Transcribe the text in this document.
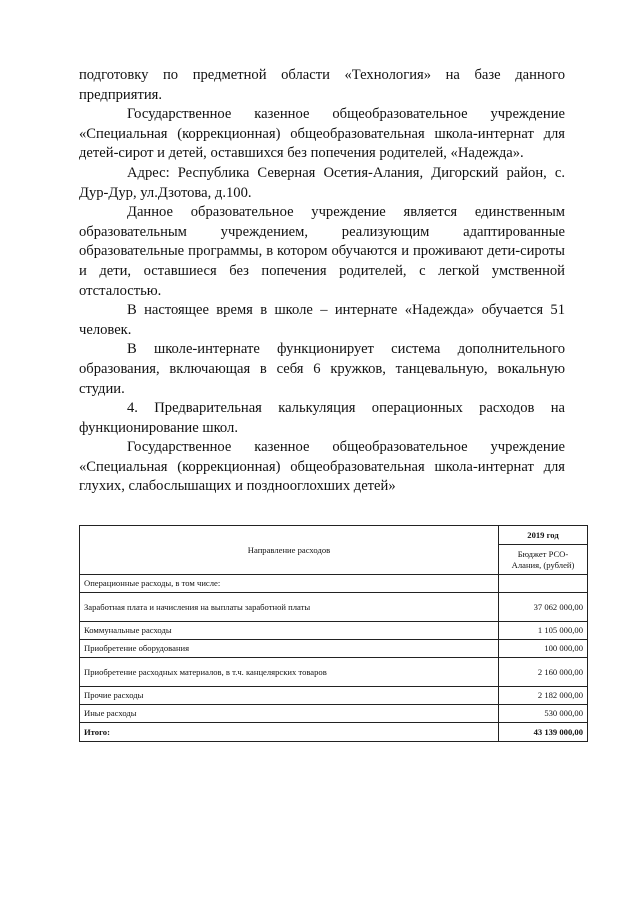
подготовку по предметной области «Технология» на базе данного предприятия.

Государственное казенное общеобразовательное учреждение «Специальная (коррекционная) общеобразовательная школа-интернат для детей-сирот и детей, оставшихся без попечения родителей, «Надежда».

Адрес: Республика Северная Осетия-Алания, Дигорский район, с. Дур-Дур, ул.Дзотова, д.100.

Данное образовательное учреждение является единственным образовательным учреждением, реализующим адаптированные образовательные программы, в котором обучаются и проживают дети-сироты и дети, оставшиеся без попечения родителей, с легкой умственной отсталостью.

В настоящее время в школе – интернате «Надежда» обучается 51 человек.

В школе-интернате функционирует система дополнительного образования, включающая в себя 6 кружков, танцевальную, вокальную студии.

4. Предварительная калькуляция операционных расходов на функционирование школ.

Государственное казенное общеобразовательное учреждение «Специальная (коррекционная) общеобразовательная школа-интернат для глухих, слабослышащих и позднооглохших детей»

Направление расходов	2019 год
	Бюджет РСО-Алания, (рублей)
Операционные расходы, в том числе:	
Заработная плата и начисления на выплаты заработной платы	37 062 000,00
Коммунальные расходы	1 105 000,00
Приобретение оборудования	100 000,00
Приобретение расходных материалов, в т.ч. канцелярских товаров	2 160 000,00
Прочие расходы	2 182 000,00
Иные расходы	530 000,00
Итого:	43 139 000,00
